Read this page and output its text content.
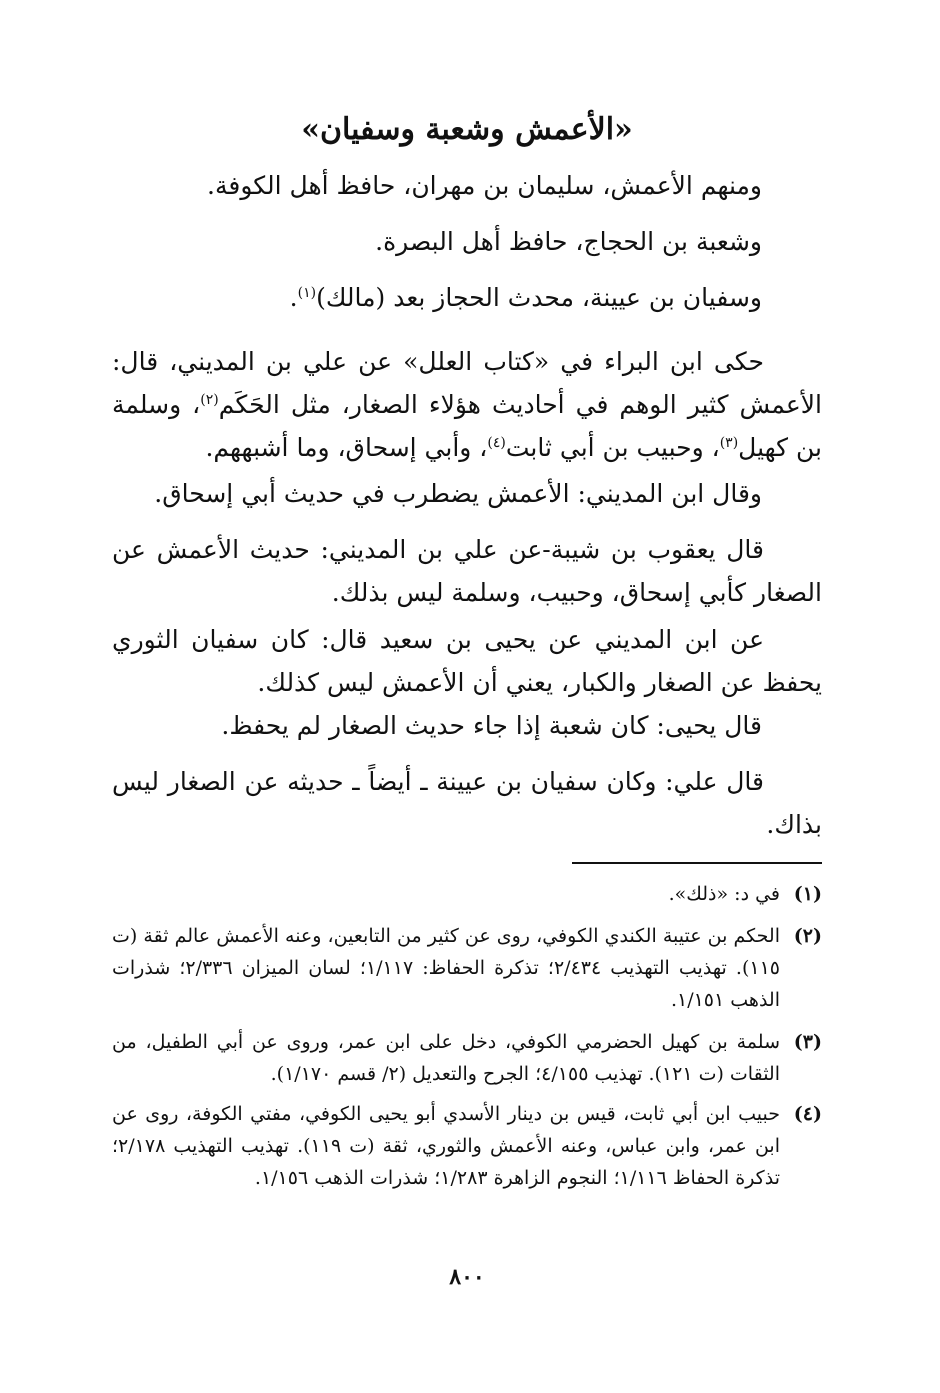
«الأعمش وشعبة وسفيان»
ومنهم الأعمش، سليمان بن مهران، حافظ أهل الكوفة.
وشعبة بن الحجاج، حافظ أهل البصرة.
وسفيان بن عيينة، محدث الحجاز بعد (مالك)$^{(١)}$.
حكى ابن البراء في «كتاب العلل» عن علي بن المديني، قال: الأعمش كثير الوهم في أحاديث هؤلاء الصغار، مثل الحَكَم$^{(٢)}$، وسلمة بن كهيل$^{(٣)}$، وحبيب بن أبي ثابت$^{(٤)}$، وأبي إسحاق، وما أشبههم.
وقال ابن المديني: الأعمش يضطرب في حديث أبي إسحاق.
قال يعقوب بن شيبة-عن علي بن المديني: حديث الأعمش عن الصغار كأبي إسحاق، وحبيب، وسلمة ليس بذلك.
عن ابن المديني عن يحيى بن سعيد قال: كان سفيان الثوري يحفظ عن الصغار والكبار، يعني أن الأعمش ليس كذلك.
قال يحيى: كان شعبة إذا جاء حديث الصغار لم يحفظ.
قال علي: وكان سفيان بن عيينة ـ أيضاً ـ حديثه عن الصغار ليس بذاك.
(١)
في د: «ذلك».
(٢)
الحكم بن عتيبة الكندي الكوفي، روى عن كثير من التابعين، وعنه الأعمش عالم ثقة (ت ١١٥). تهذيب التهذيب ٢/٤٣٤؛ تذكرة الحفاظ: ١/١١٧؛ لسان الميزان ٢/٣٣٦؛ شذرات الذهب ١/١٥١.
(٣)
سلمة بن كهيل الحضرمي الكوفي، دخل على ابن عمر، وروى عن أبي الطفيل، من الثقات (ت ١٢١). تهذيب ٤/١٥٥؛ الجرح والتعديل (٢/ قسم ١/١٧٠).
(٤)
حبيب ابن أبي ثابت، قيس بن دينار الأسدي أبو يحيى الكوفي، مفتي الكوفة، روى عن ابن عمر، وابن عباس، وعنه الأعمش والثوري، ثقة (ت ١١٩). تهذيب التهذيب ٢/١٧٨؛ تذكرة الحفاظ ١/١١٦؛ النجوم الزاهرة ١/٢٨٣؛ شذرات الذهب ١/١٥٦.
٨٠٠
